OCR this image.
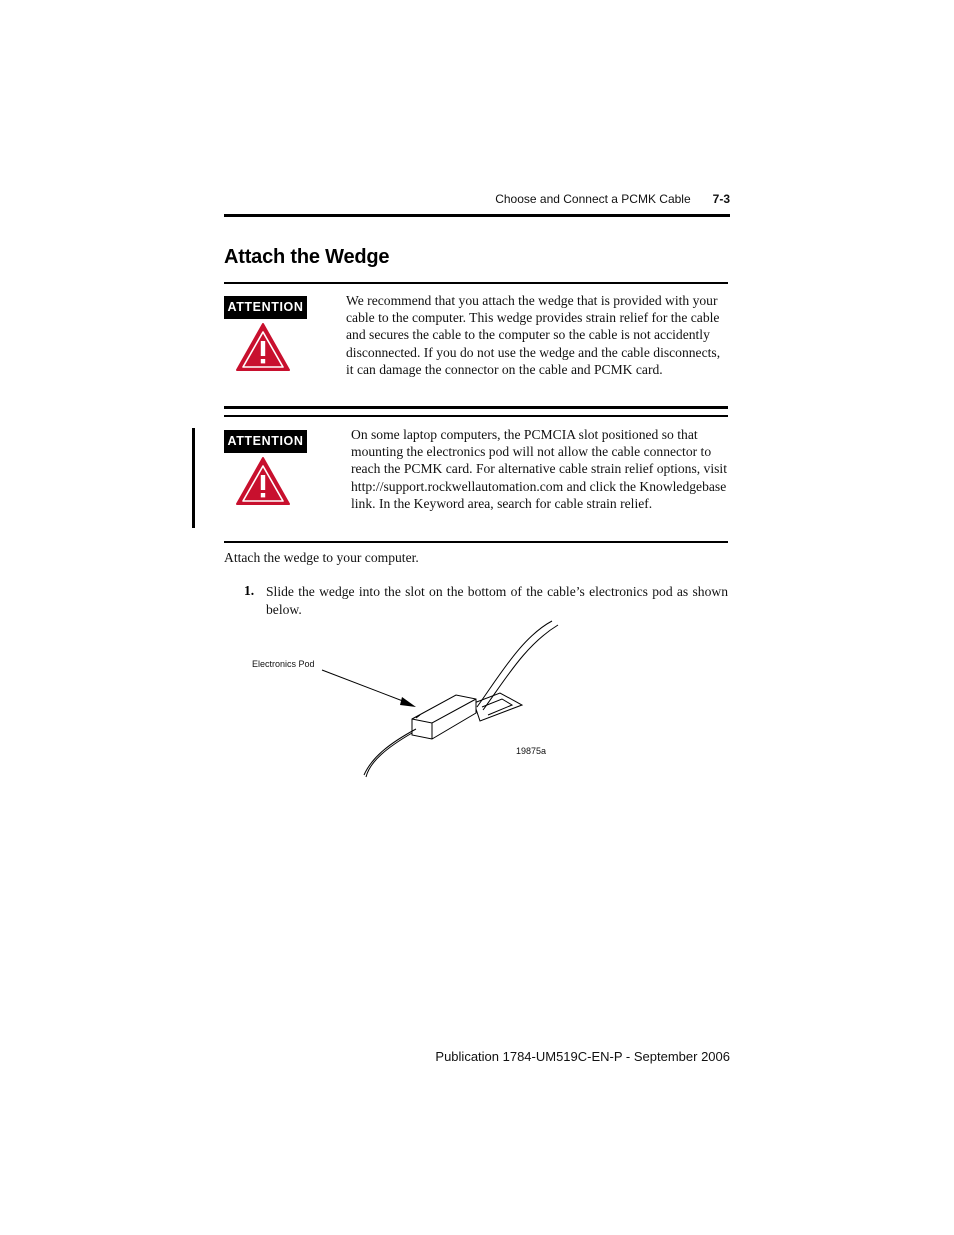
Choose and Connect a PCMK Cable 7-3
Attach the Wedge
ATTENTION	We recommend that you attach the wedge that is provided with your cable to the computer. This wedge provides strain relief for the cable and secures the cable to the computer so the cable is not accidently disconnected. If you do not use the wedge and the cable disconnects, it can damage the connector on the cable and PCMK card.
ATTENTION	On some laptop computers, the PCMCIA slot positioned so that mounting the electronics pod will not allow the cable connector to reach the PCMK card. For alternative cable strain relief options, visit http://support.rockwellautomation.com and click the Knowledgebase link. In the Keyword area, search for cable strain relief.
Attach the wedge to your computer.
1. Slide the wedge into the slot on the bottom of the cable’s electronics pod as shown below.
Electronics Pod
19875a
Publication 1784-UM519C-EN-P - September 2006
